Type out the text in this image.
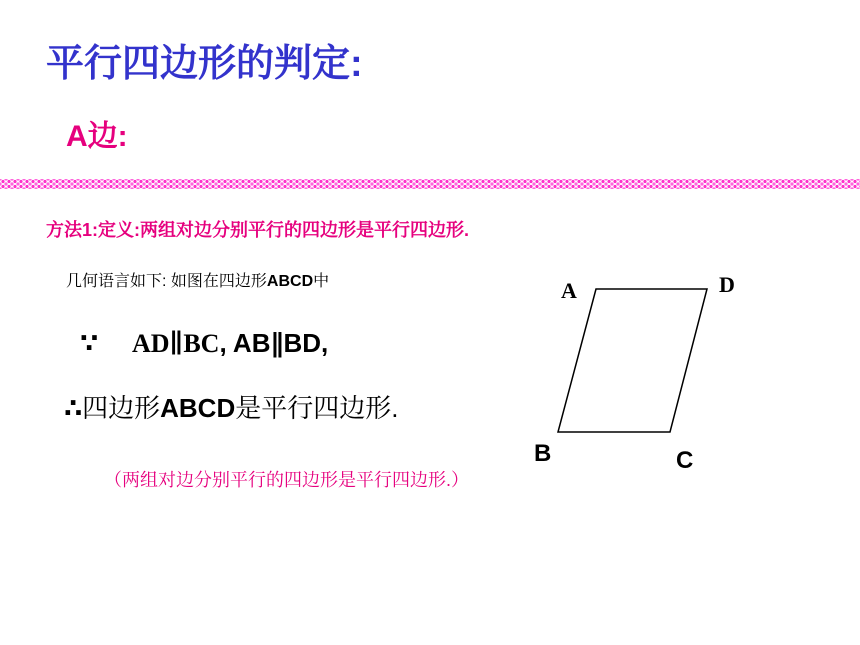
平行四边形的判定:
A边:
方法1:定义:两组对边分别平行的四边形是平行四边形.
几何语言如下: 如图在四边形ABCD中
∵ AD∥BC, AB∥BD,
∴四边形ABCD是平行四边形.
（两组对边分别平行的四边形是平行四边形.）
A	D
B	C
